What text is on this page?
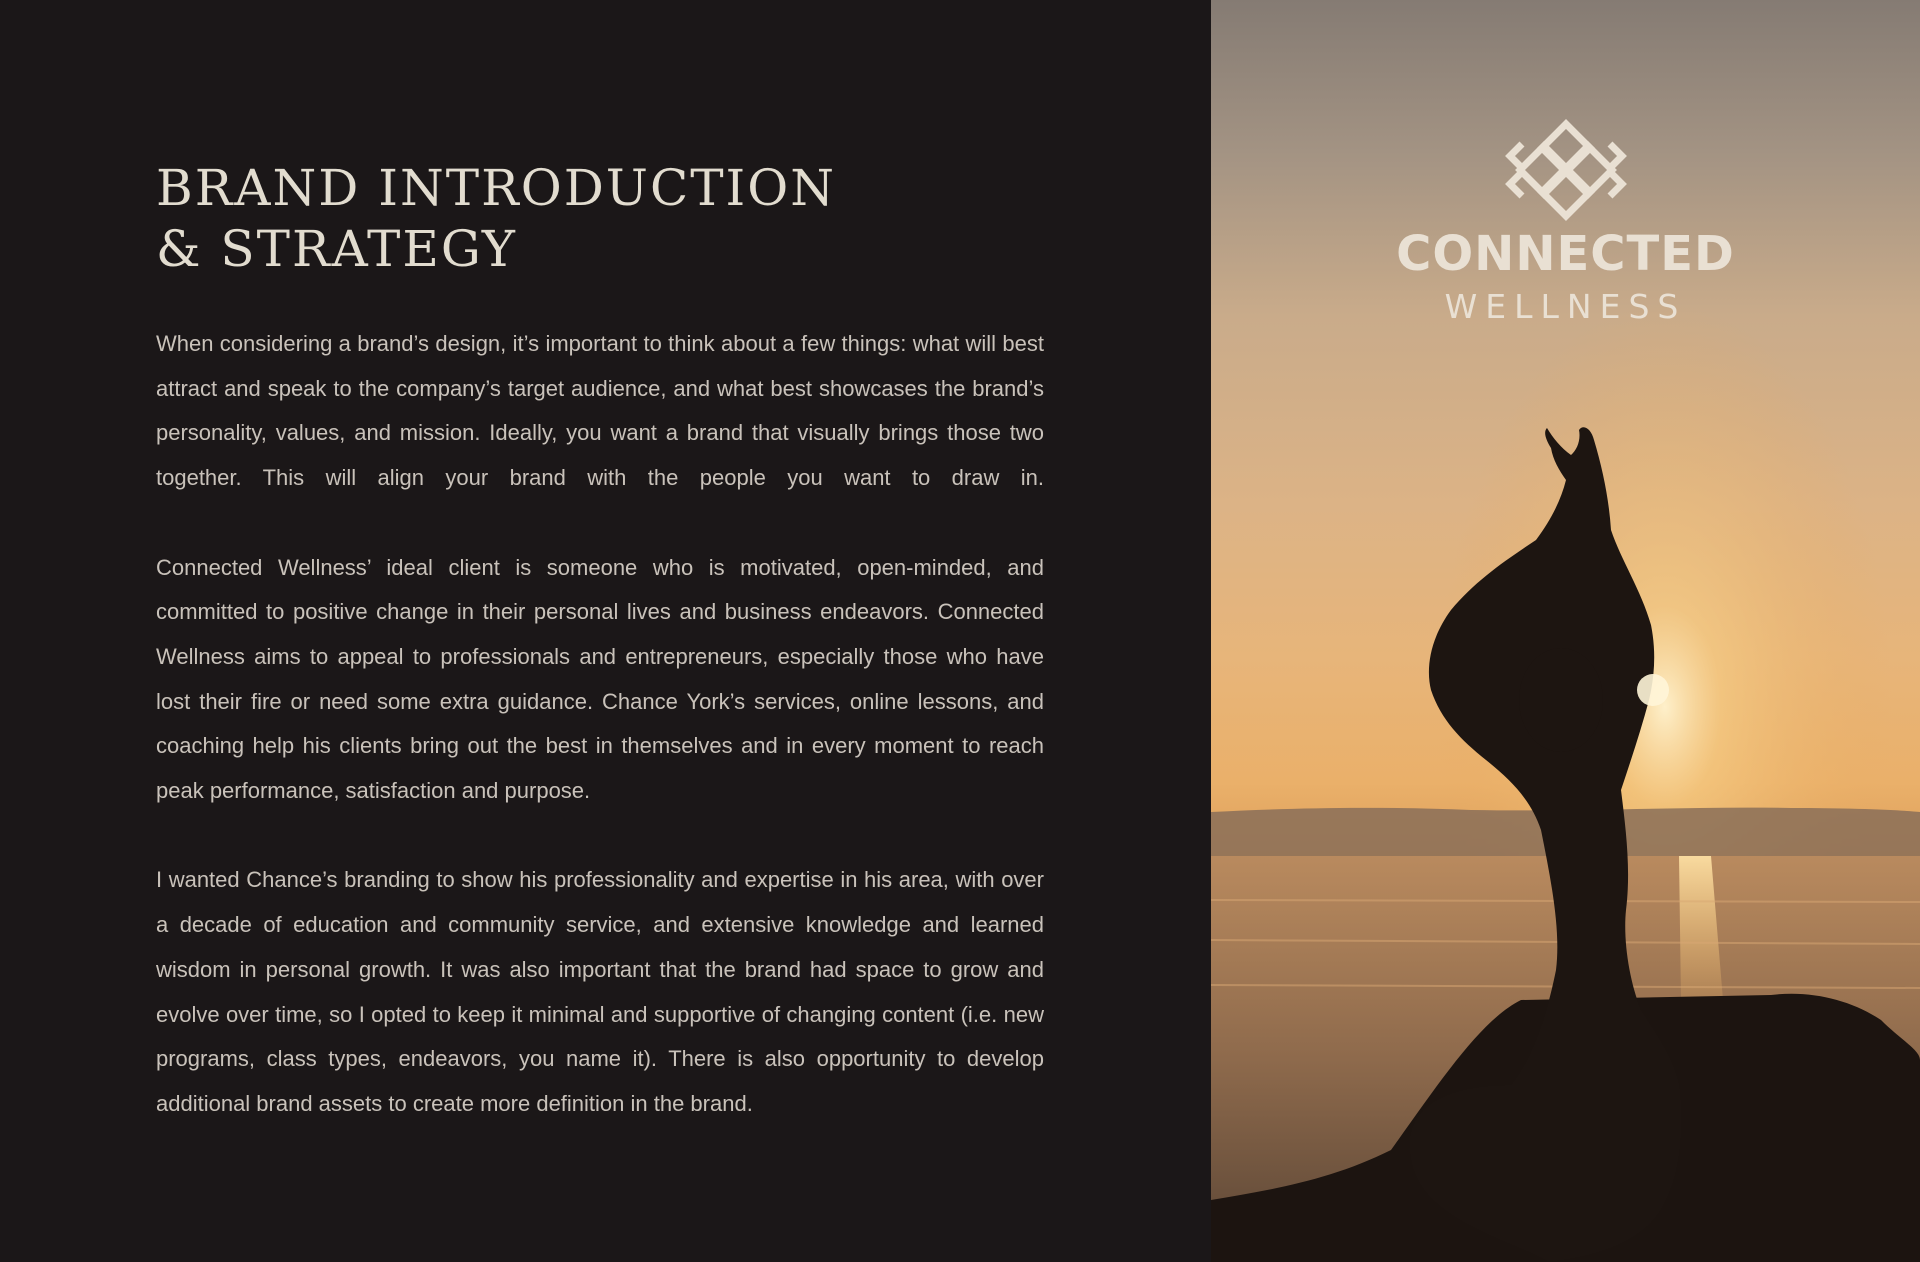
BRAND INTRODUCTION
& STRATEGY

When considering a brand’s design, it’s important to think about a few things: what will best attract and speak to the company’s target audience, and what best showcases the brand’s personality, values, and mission. Ideally, you want a brand that visually brings those two together. This will align your brand with the people you want to draw in.

Connected Wellness’ ideal client is someone who is motivated, open-minded, and committed to positive change in their personal lives and business endeavors. Connected Wellness aims to appeal to professionals and entrepreneurs, especially those who have lost their fire or need some extra guidance. Chance York’s services, online lessons, and coaching help his clients bring out the best in themselves and in every moment to reach peak performance, satisfaction and purpose.

I wanted Chance’s branding to show his professionality and expertise in his area, with over a decade of education and community service, and extensive knowledge and learned wisdom in personal growth. It was also important that the brand had space to grow and evolve over time, so I opted to keep it minimal and supportive of changing content (i.e. new programs, class types, endeavors, you name it). There is also opportunity to develop additional brand assets to create more definition in the brand.

CONNECTED
WELLNESS
